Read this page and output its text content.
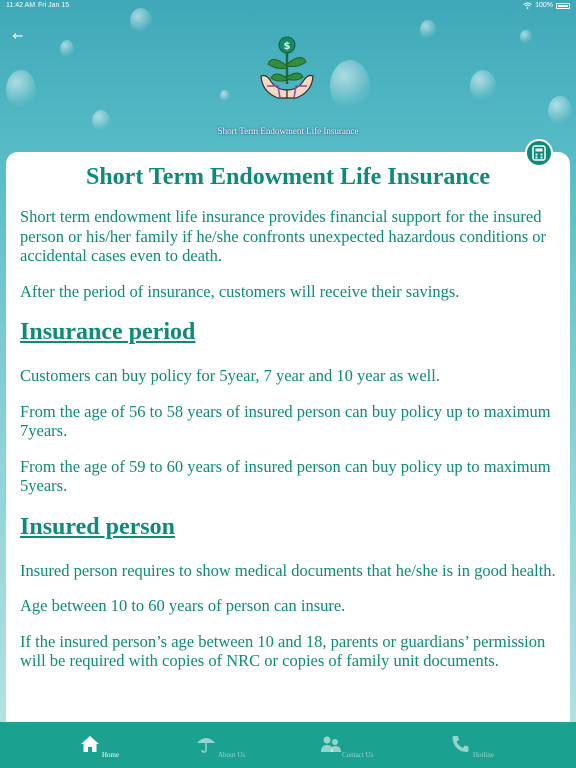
11:42 AM Fri Jan 15	100%
←
$
Short Term Endowment Life Insurance
Short Term Endowment Life Insurance

Short term endowment life insurance provides financial support for the insured person or his/her family if he/she confronts unexpected hazardous conditions or accidental cases even to death.

After the period of insurance, customers will receive their savings.

Insurance period

Customers can buy policy for 5year, 7 year and 10 year as well.

From the age of 56 to 58 years of insured person can buy policy up to maximum 7years.

From the age of 59 to 60 years of insured person can buy policy up to maximum 5years.

Insured person

Insured person requires to show medical documents that he/she is in good health.

Age between 10 to 60 years of person can insure.

If the insured person’s age between 10 and 18, parents or guardians’ permission will be required with copies of NRC or copies of family unit documents.

Home	About Us	Contact Us	Hotline
